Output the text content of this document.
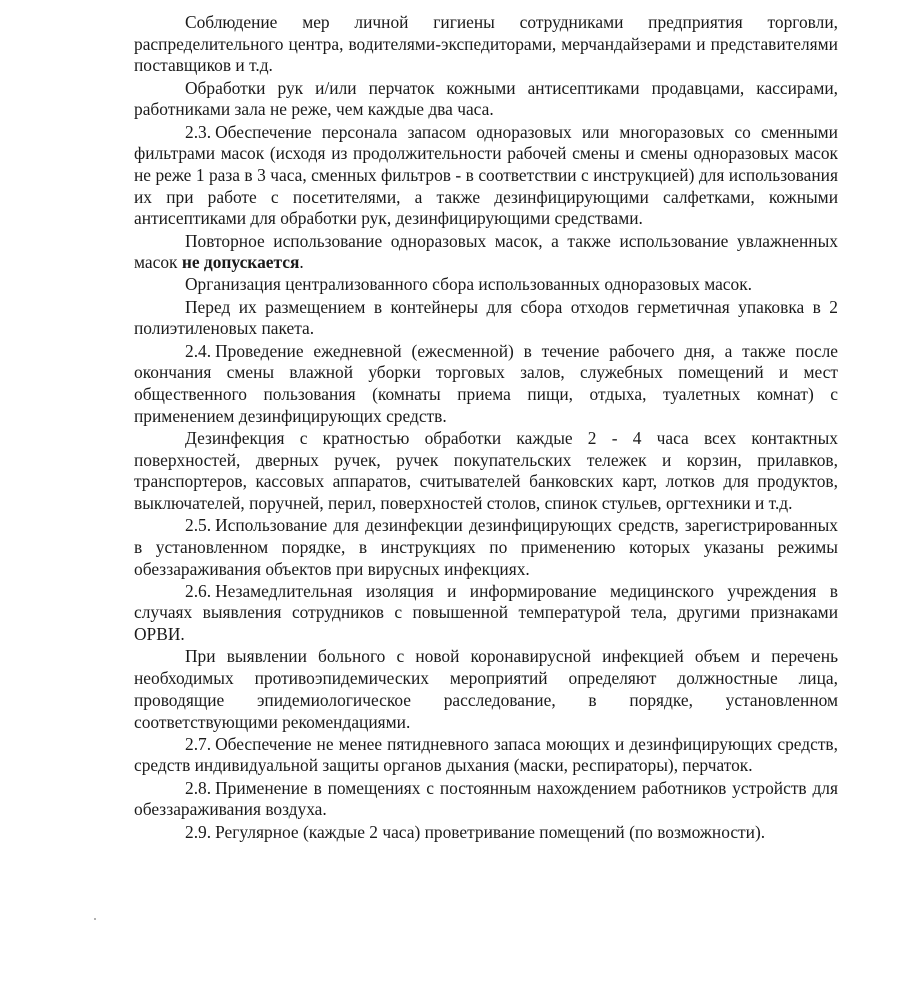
Соблюдение мер личной гигиены сотрудниками предприятия торговли, распределительного центра, водителями-экспедиторами, мерчандайзерами и представителями поставщиков и т.д.

Обработки рук и/или перчаток кожными антисептиками продавцами, кассирами, работниками зала не реже, чем каждые два часа.

2.3. Обеспечение персонала запасом одноразовых или многоразовых со сменными фильтрами масок (исходя из продолжительности рабочей смены и смены одноразовых масок не реже 1 раза в 3 часа, сменных фильтров - в соответствии с инструкцией) для использования их при работе с посетителями, а также дезинфицирующими салфетками, кожными антисептиками для обработки рук, дезинфицирующими средствами.

Повторное использование одноразовых масок, а также использование увлажненных масок не допускается.

Организация централизованного сбора использованных одноразовых масок.

Перед их размещением в контейнеры для сбора отходов герметичная упаковка в 2 полиэтиленовых пакета.

2.4. Проведение ежедневной (ежесменной) в течение рабочего дня, а также после окончания смены влажной уборки торговых залов, служебных помещений и мест общественного пользования (комнаты приема пищи, отдыха, туалетных комнат) с применением дезинфицирующих средств.

Дезинфекция с кратностью обработки каждые 2 - 4 часа всех контактных поверхностей, дверных ручек, ручек покупательских тележек и корзин, прилавков, транспортеров, кассовых аппаратов, считывателей банковских карт, лотков для продуктов, выключателей, поручней, перил, поверхностей столов, спинок стульев, оргтехники и т.д.

2.5. Использование для дезинфекции дезинфицирующих средств, зарегистрированных в установленном порядке, в инструкциях по применению которых указаны режимы обеззараживания объектов при вирусных инфекциях.

2.6. Незамедлительная изоляция и информирование медицинского учреждения в случаях выявления сотрудников с повышенной температурой тела, другими признаками ОРВИ.

При выявлении больного с новой коронавирусной инфекцией объем и перечень необходимых противоэпидемических мероприятий определяют должностные лица, проводящие эпидемиологическое расследование, в порядке, установленном соответствующими рекомендациями.

2.7. Обеспечение не менее пятидневного запаса моющих и дезинфицирующих средств, средств индивидуальной защиты органов дыхания (маски, респираторы), перчаток.

2.8. Применение в помещениях с постоянным нахождением работников устройств для обеззараживания воздуха.

2.9. Регулярное (каждые 2 часа) проветривание помещений (по возможности).
